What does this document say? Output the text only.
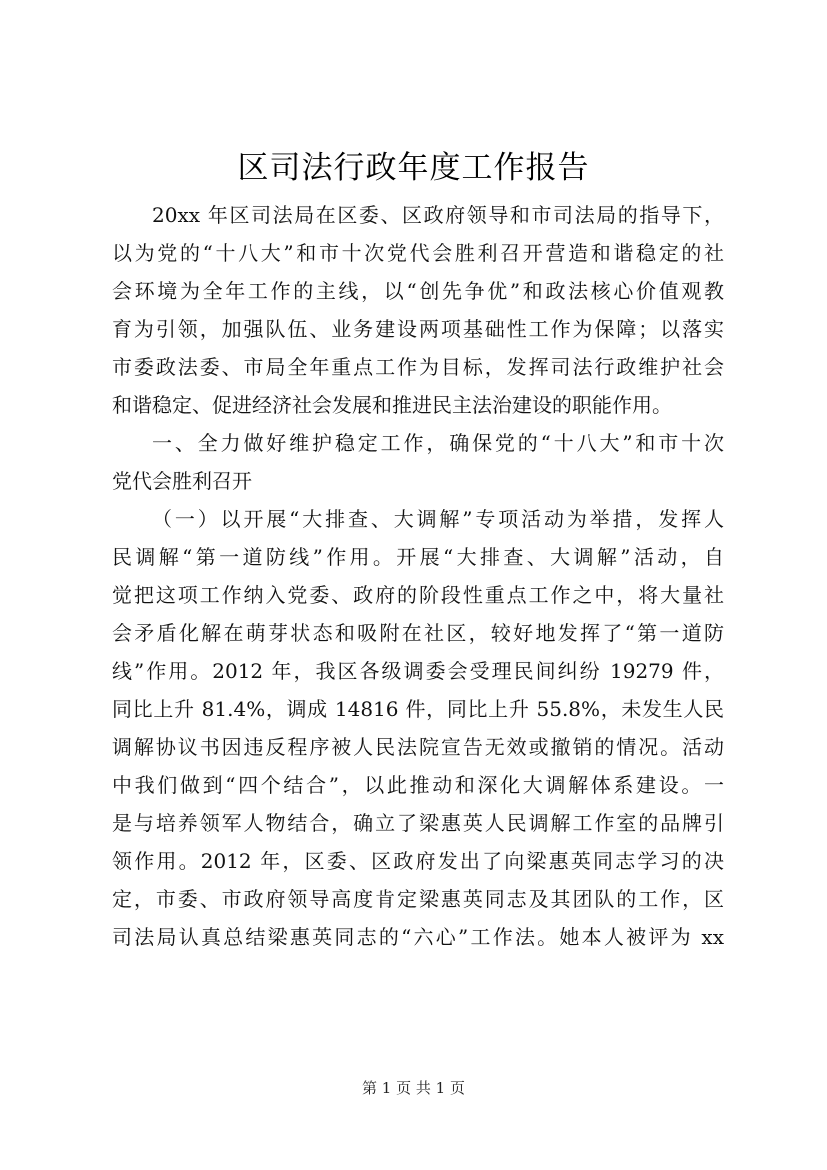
区司法行政年度工作报告
20xx 年区司法局在区委、区政府领导和市司法局的指导下，
以为党的“十八大”和市十次党代会胜利召开营造和谐稳定的社
会环境为全年工作的主线，以“创先争优”和政法核心价值观教
育为引领，加强队伍、业务建设两项基础性工作为保障；以落实
市委政法委、市局全年重点工作为目标，发挥司法行政维护社会
和谐稳定、促进经济社会发展和推进民主法治建设的职能作用。
一、全力做好维护稳定工作，确保党的“十八大”和市十次
党代会胜利召开
（一）以开展“大排查、大调解”专项活动为举措，发挥人
民调解“第一道防线”作用。开展“大排查、大调解”活动，自
觉把这项工作纳入党委、政府的阶段性重点工作之中，将大量社
会矛盾化解在萌芽状态和吸附在社区，较好地发挥了“第一道防
线”作用。2012 年，我区各级调委会受理民间纠纷 19279 件，
同比上升 81.4%，调成 14816 件，同比上升 55.8%，未发生人民
调解协议书因违反程序被人民法院宣告无效或撤销的情况。活动
中我们做到“四个结合”，以此推动和深化大调解体系建设。一
是与培养领军人物结合，确立了梁惠英人民调解工作室的品牌引
领作用。2012 年，区委、区政府发出了向梁惠英同志学习的决
定，市委、市政府领导高度肯定梁惠英同志及其团队的工作，区
司法局认真总结梁惠英同志的“六心”工作法。她本人被评为 xx
第 1 页 共 1 页
